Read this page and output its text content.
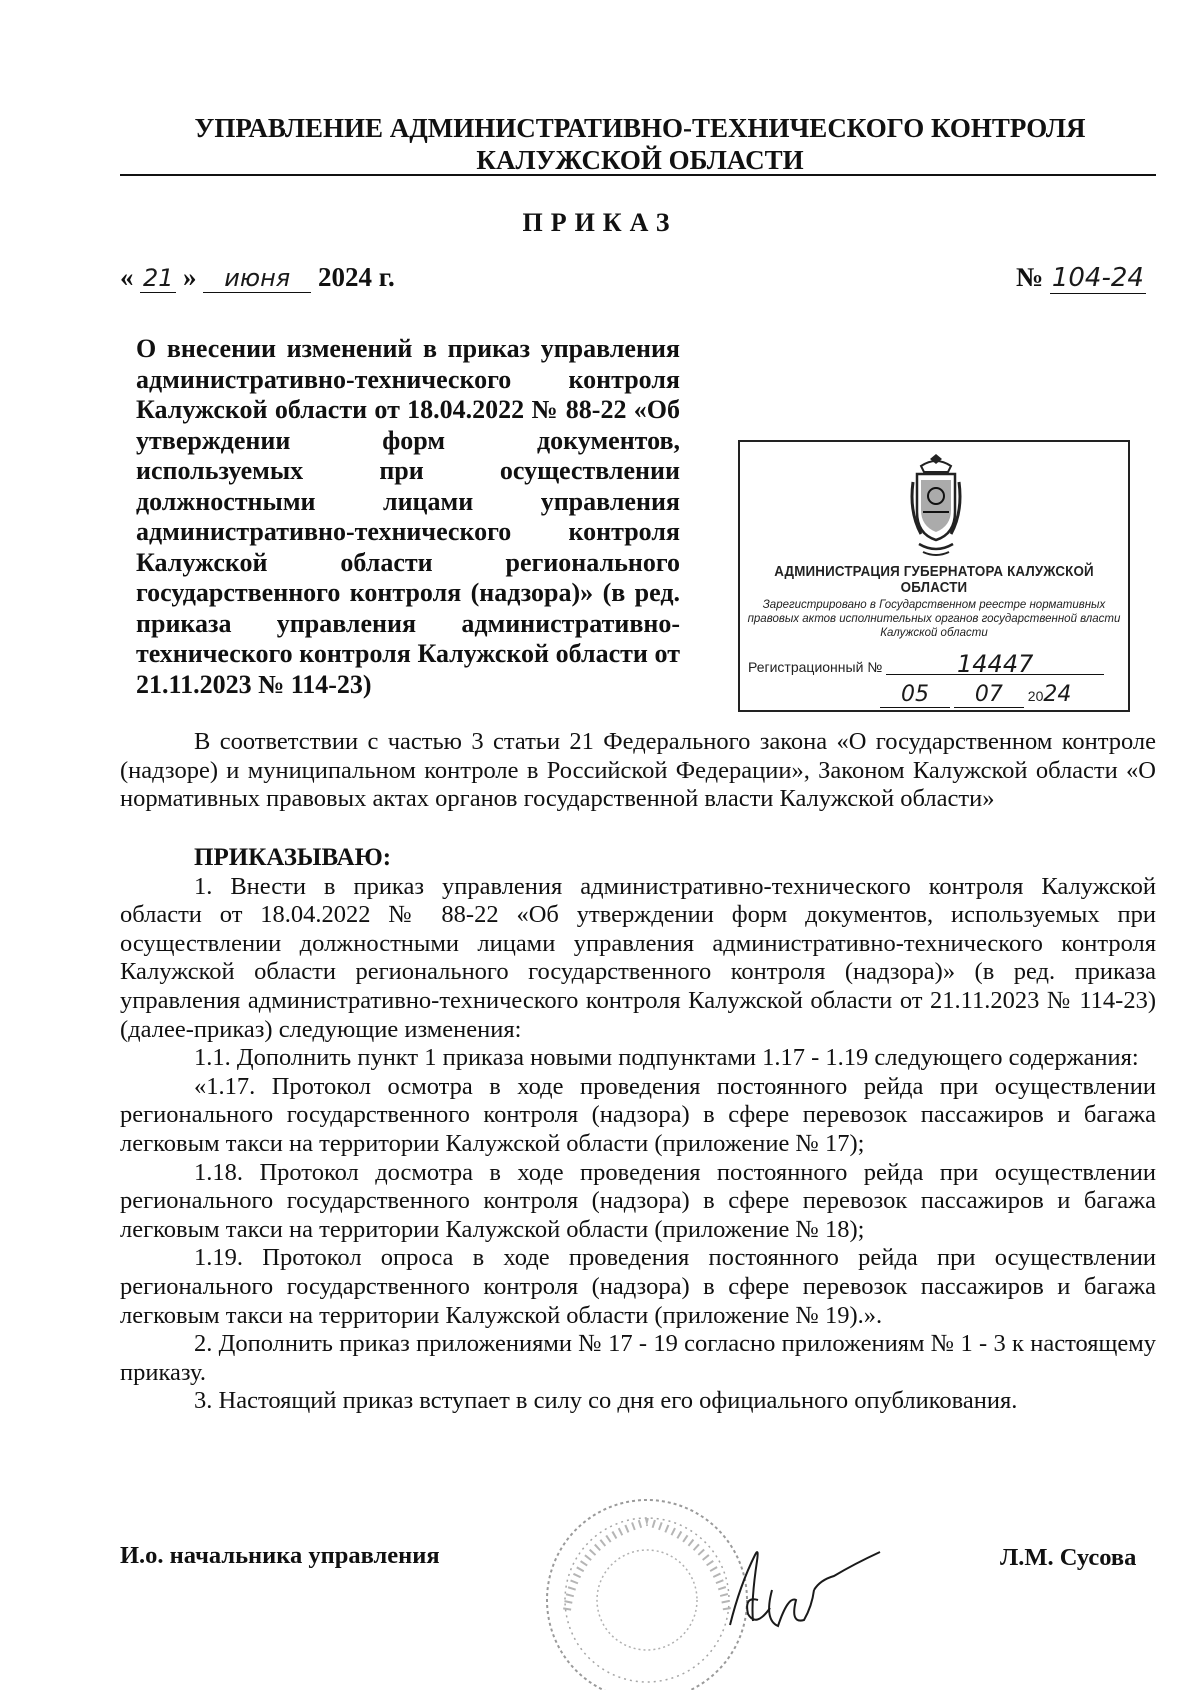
УПРАВЛЕНИЕ АДМИНИСТРАТИВНО-ТЕХНИЧЕСКОГО КОНТРОЛЯ
КАЛУЖСКОЙ ОБЛАСТИ
ПРИКАЗ
« 21 » июня 2024 г.	№ 104-24
О внесении изменений в приказ управления административно-технического контроля Калужской области от 18.04.2022 № 88-22 «Об утверждении форм документов, используемых при осуществлении должностными лицами управления административно-технического контроля Калужской области регионального государственного контроля (надзора)» (в ред. приказа управления административно-технического контроля Калужской области от 21.11.2023 № 114-23)
АДМИНИСТРАЦИЯ ГУБЕРНАТОРА КАЛУЖСКОЙ ОБЛАСТИ
Зарегистрировано в Государственном реестре нормативных
правовых актов исполнительных органов государственной власти
Калужской области
Регистрационный №	14447
05 07 2024

В соответствии с частью 3 статьи 21 Федерального закона «О государственном контроле (надзоре) и муниципальном контроле в Российской Федерации», Законом Калужской области «О нормативных правовых актах органов государственной власти Калужской области»

ПРИКАЗЫВАЮ:

1. Внести в приказ управления административно-технического контроля Калужской области от 18.04.2022 № 88-22 «Об утверждении форм документов, используемых при осуществлении должностными лицами управления административно-технического контроля Калужской области регионального государственного контроля (надзора)» (в ред. приказа управления административно-технического контроля Калужской области от 21.11.2023 № 114-23) (далее-приказ) следующие изменения:

1.1. Дополнить пункт 1 приказа новыми подпунктами 1.17 - 1.19 следующего содержания:

«1.17. Протокол осмотра в ходе проведения постоянного рейда при осуществлении регионального государственного контроля (надзора) в сфере перевозок пассажиров и багажа легковым такси на территории Калужской области (приложение № 17);

1.18. Протокол досмотра в ходе проведения постоянного рейда при осуществлении регионального государственного контроля (надзора) в сфере перевозок пассажиров и багажа легковым такси на территории Калужской области (приложение № 18);

1.19. Протокол опроса в ходе проведения постоянного рейда при осуществлении регионального государственного контроля (надзора) в сфере перевозок пассажиров и багажа легковым такси на территории Калужской области (приложение № 19).».

2. Дополнить приказ приложениями № 17 - 19 согласно приложениям № 1 - 3 к настоящему приказу.

3. Настоящий приказ вступает в силу со дня его официального опубликования.

И.о. начальника управления	Л.М. Сусова
